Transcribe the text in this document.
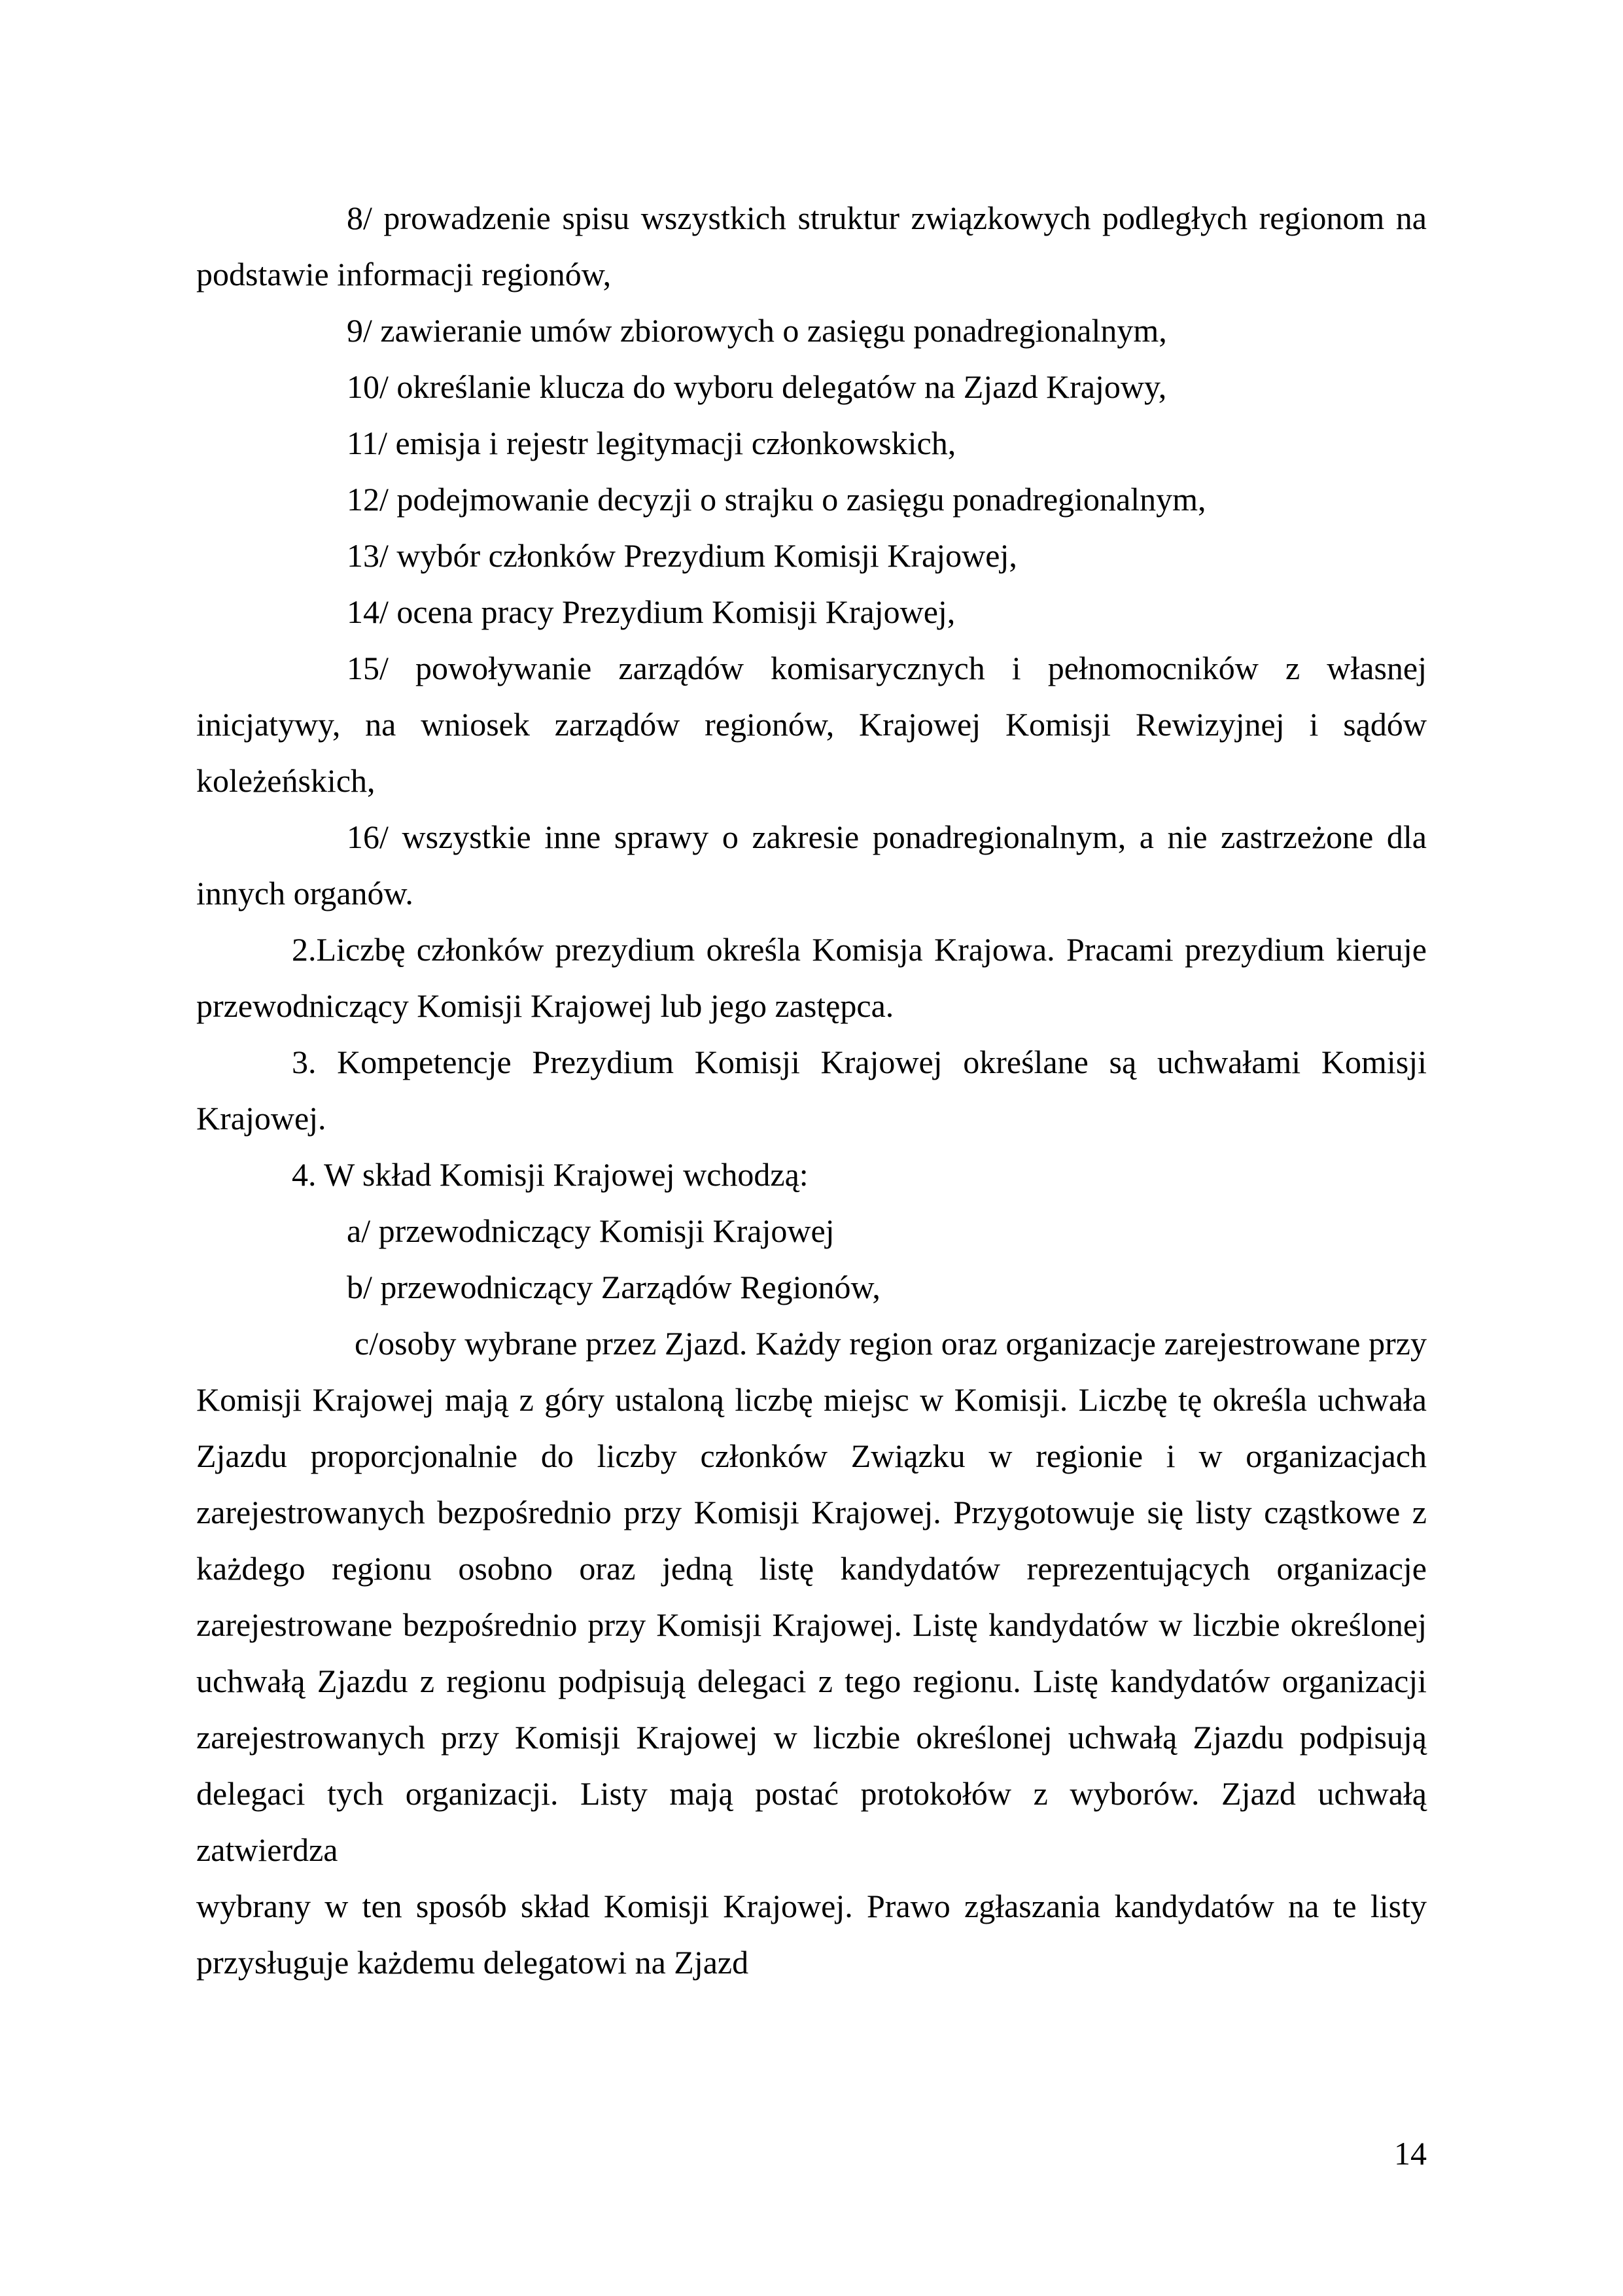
8/ prowadzenie spisu wszystkich struktur związkowych podległych regionom na
podstawie informacji regionów,
9/ zawieranie umów zbiorowych o zasięgu ponadregionalnym,
10/ określanie klucza do wyboru delegatów na Zjazd Krajowy,
11/ emisja i rejestr legitymacji członkowskich,
12/ podejmowanie decyzji o strajku o zasięgu ponadregionalnym,
13/ wybór członków Prezydium Komisji Krajowej,
14/ ocena pracy Prezydium Komisji Krajowej,
15/ powoływanie zarządów komisarycznych i pełnomocników z własnej
inicjatywy, na wniosek zarządów regionów, Krajowej Komisji Rewizyjnej i sądów
koleżeńskich,
16/ wszystkie inne sprawy o zakresie ponadregionalnym, a nie zastrzeżone dla
innych organów.
2.Liczbę członków prezydium określa Komisja Krajowa. Pracami prezydium kieruje
przewodniczący Komisji Krajowej lub jego zastępca.
3. Kompetencje Prezydium Komisji Krajowej określane są uchwałami Komisji
Krajowej.
4. W skład Komisji Krajowej wchodzą:
a/ przewodniczący Komisji Krajowej
b/ przewodniczący Zarządów Regionów,
c/osoby wybrane przez Zjazd. Każdy region oraz organizacje zarejestrowane przy
Komisji Krajowej mają z góry ustaloną liczbę miejsc w Komisji. Liczbę tę określa uchwała
Zjazdu proporcjonalnie do liczby członków Związku w regionie i w organizacjach
zarejestrowanych bezpośrednio przy Komisji Krajowej. Przygotowuje się listy cząstkowe z
każdego regionu osobno oraz jedną listę kandydatów reprezentujących organizacje
zarejestrowane bezpośrednio przy Komisji Krajowej. Listę kandydatów w liczbie określonej
uchwałą Zjazdu z regionu podpisują delegaci z tego regionu. Listę kandydatów organizacji
zarejestrowanych przy Komisji Krajowej w liczbie określonej uchwałą Zjazdu podpisują
delegaci tych organizacji. Listy mają postać protokołów z wyborów. Zjazd uchwałą zatwierdza
wybrany w ten sposób skład Komisji Krajowej. Prawo zgłaszania kandydatów na te listy
przysługuje każdemu delegatowi na Zjazd
14
